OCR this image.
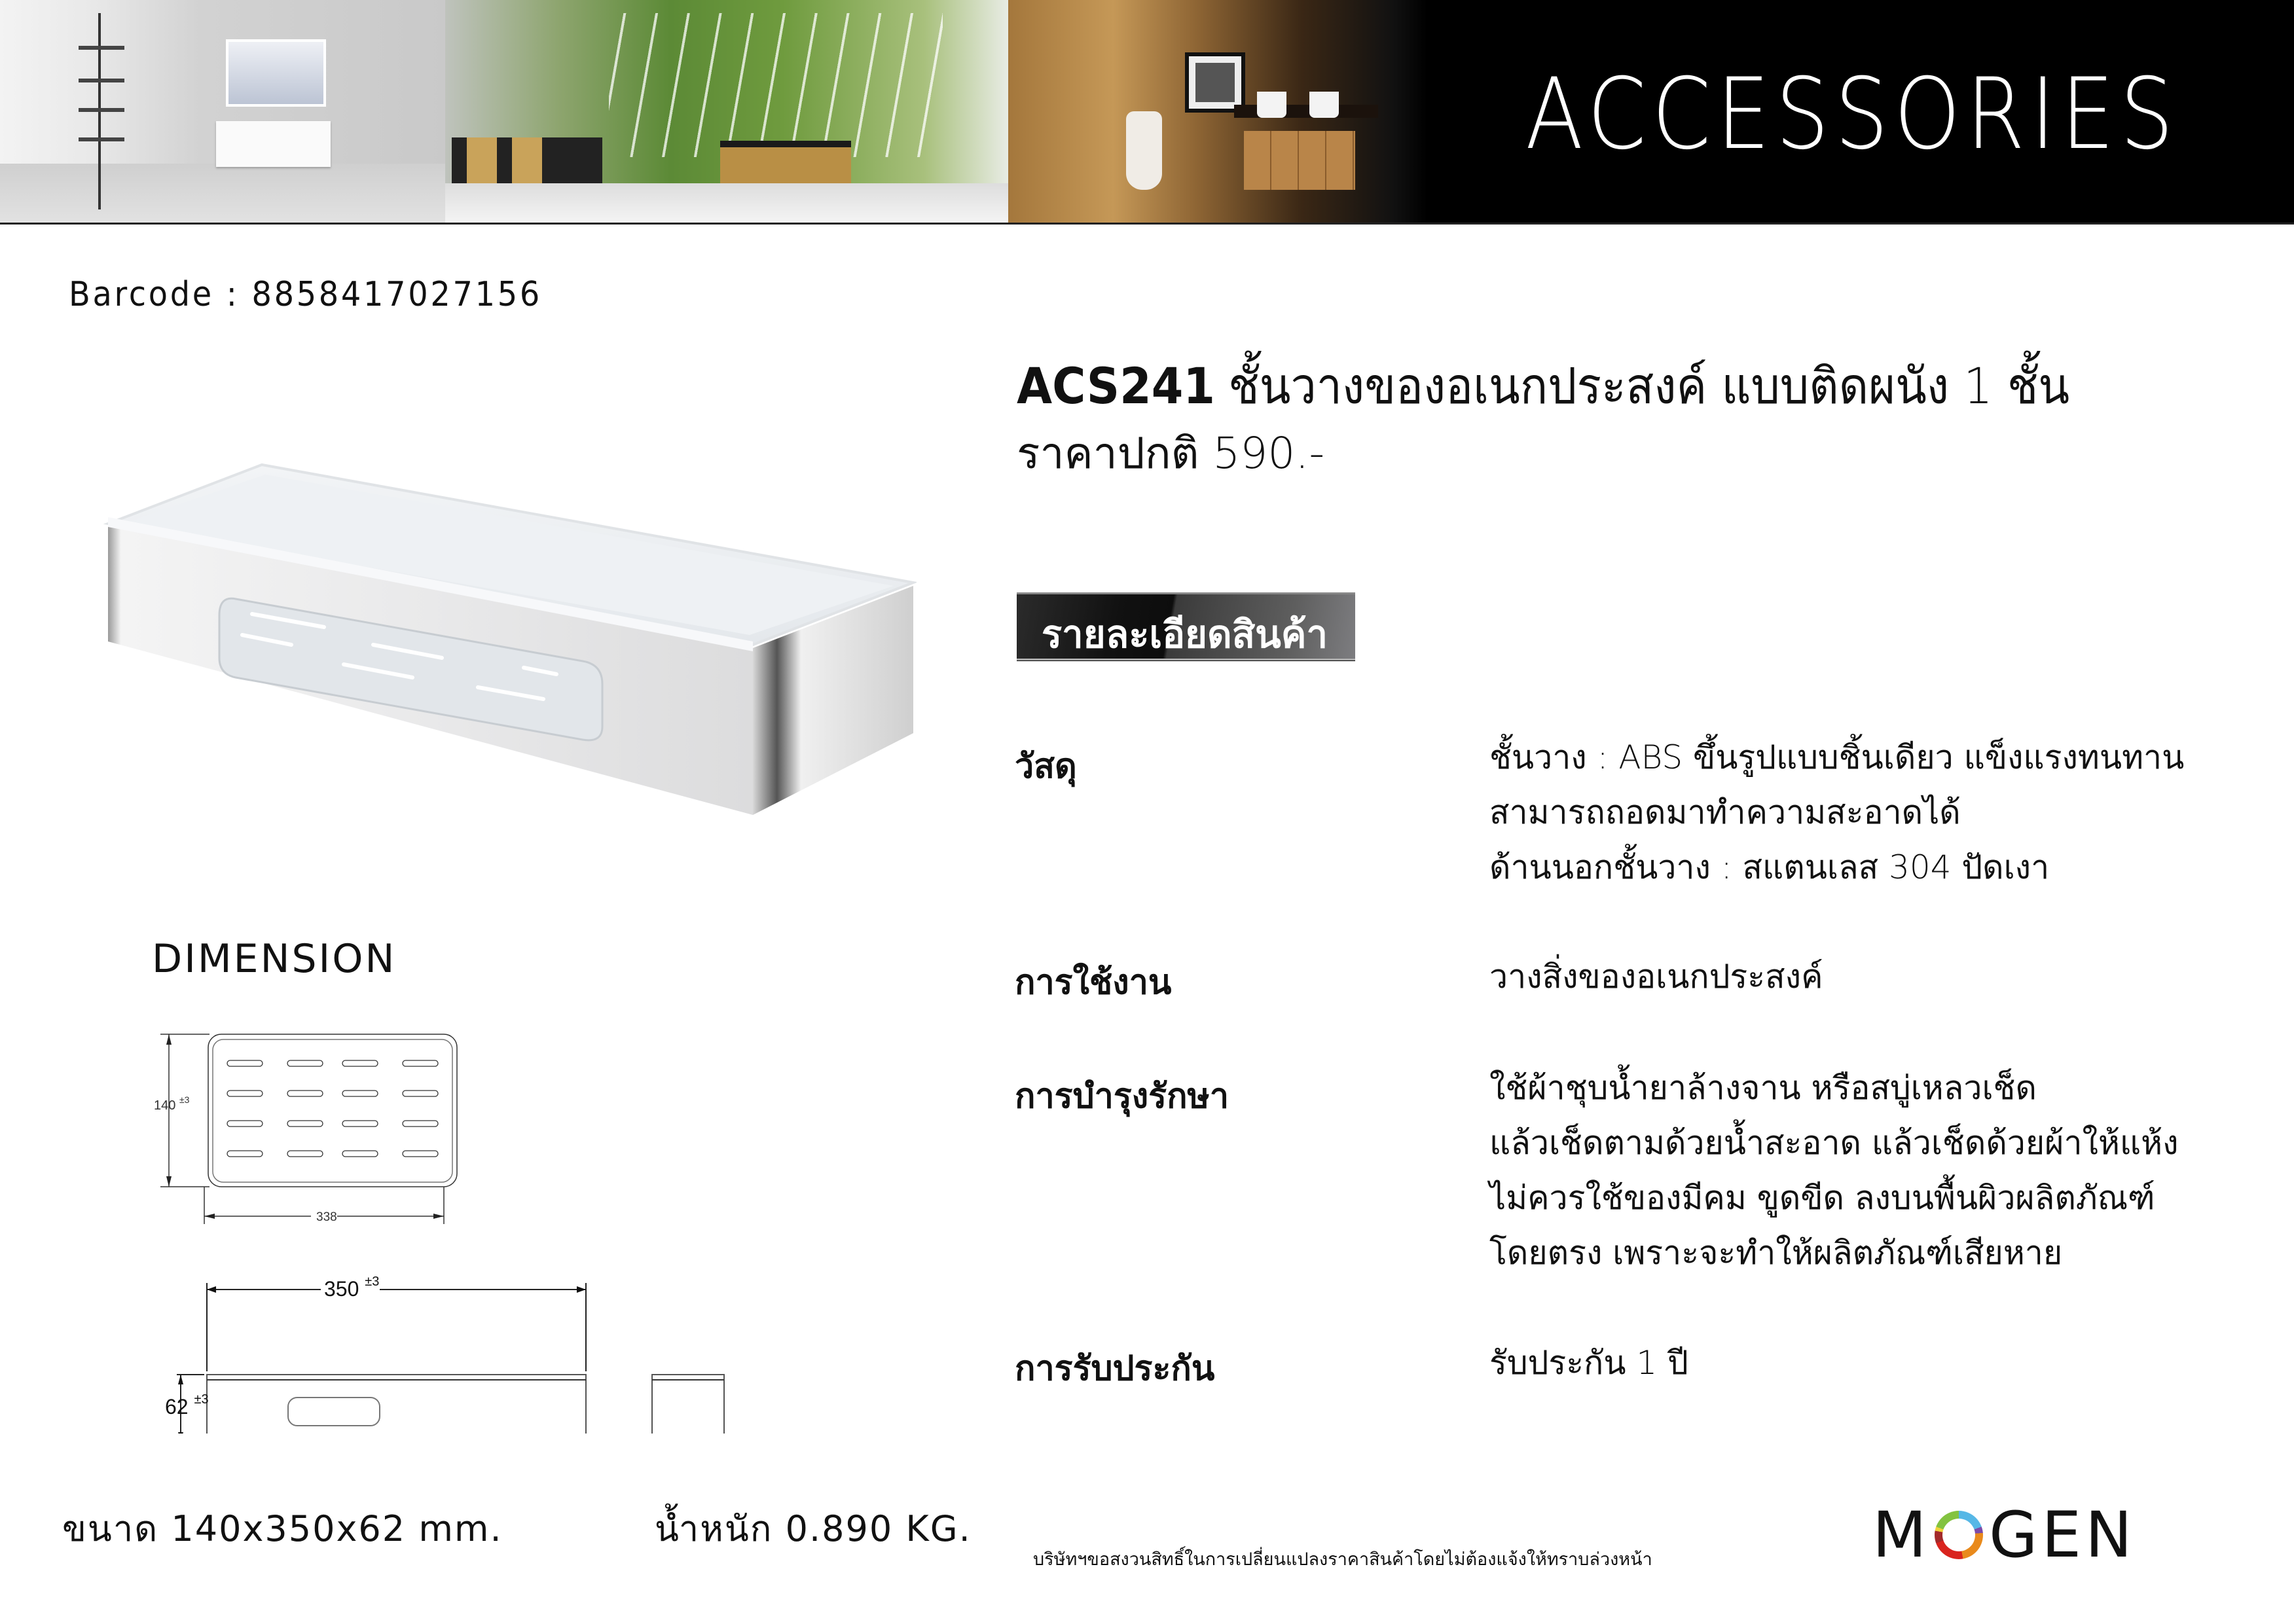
ACCESSORIES
Barcode : 8858417027156
DIMENSION
140 $^{\pm 3}$
338
350 $^{\pm 3}$
62 $^{\pm 3}$
ขนาด 140x350x62 mm.	น้ำหนัก 0.890 KG.
ACS241 ชั้นวางของอเนกประสงค์ แบบติดผนัง 1 ชั้น
ราคาปกติ 590.-
รายละเอียดสินค้า
วัสดุ	ชั้นวาง : ABS ขึ้นรูปแบบชิ้นเดียว แข็งแรงทนทาน
สามารถถอดมาทำความสะอาดได้
ด้านนอกชั้นวาง : สแตนเลส 304 ปัดเงา
การใช้งาน	วางสิ่งของอเนกประสงค์
การบำรุงรักษา	ใช้ผ้าชุบน้ำยาล้างจาน หรือสบู่เหลวเช็ด
แล้วเช็ดตามด้วยน้ำสะอาด แล้วเช็ดด้วยผ้าให้แห้ง
ไม่ควรใช้ของมีคม ขูดขีด ลงบนพื้นผิวผลิตภัณฑ์
โดยตรง เพราะจะทำให้ผลิตภัณฑ์เสียหาย
การรับประกัน	รับประกัน 1 ปี
บริษัทฯขอสงวนสิทธิ์ในการเปลี่ยนแปลงราคาสินค้าโดยไม่ต้องแจ้งให้ทราบล่วงหน้า	M GEN
